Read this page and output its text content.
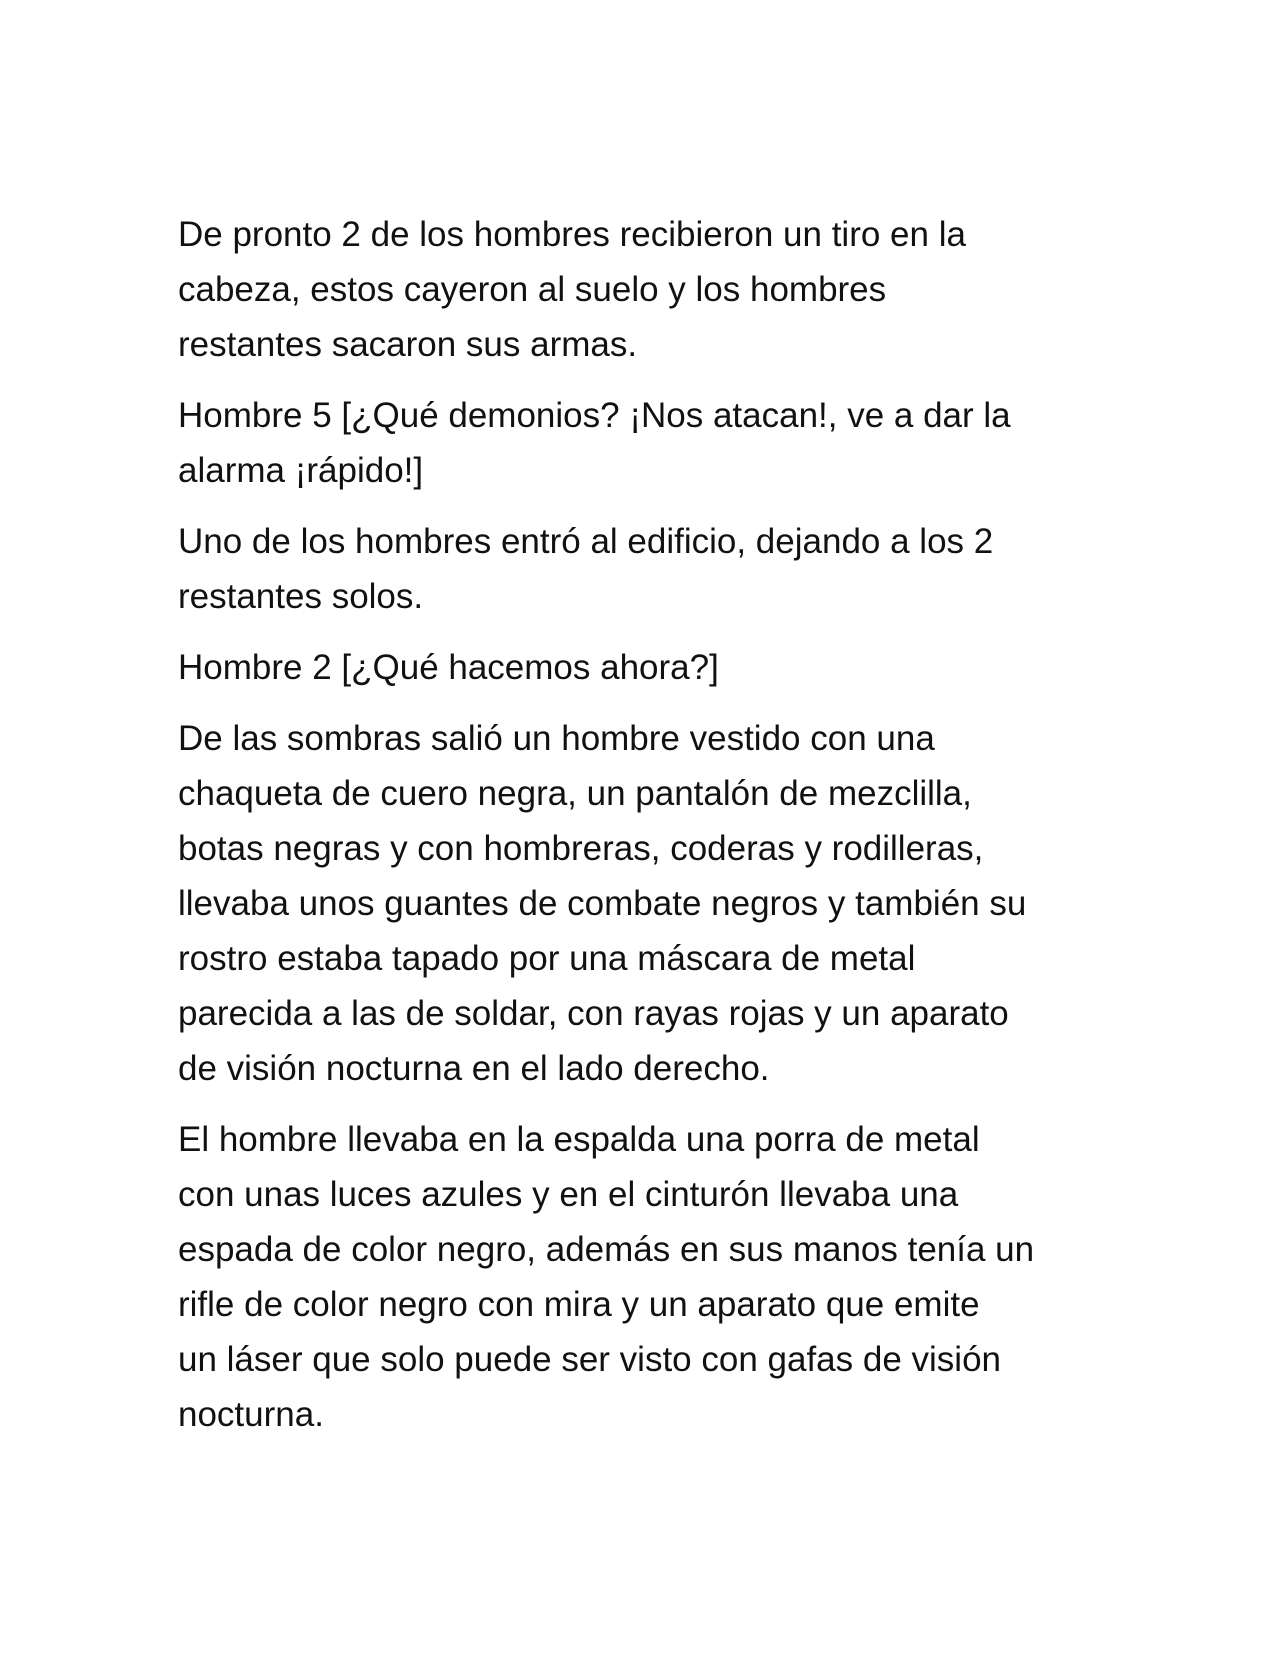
De pronto 2 de los hombres recibieron un tiro en la
cabeza, estos cayeron al suelo y los hombres
restantes sacaron sus armas.

Hombre 5 [¿Qué demonios? ¡Nos atacan!, ve a dar la
alarma ¡rápido!]

Uno de los hombres entró al edificio, dejando a los 2
restantes solos.

Hombre 2 [¿Qué hacemos ahora?]

De las sombras salió un hombre vestido con una
chaqueta de cuero negra, un pantalón de mezclilla,
botas negras y con hombreras, coderas y rodilleras,
llevaba unos guantes de combate negros y también su
rostro estaba tapado por una máscara de metal
parecida a las de soldar, con rayas rojas y un aparato
de visión nocturna en el lado derecho.

El hombre llevaba en la espalda una porra de metal
con unas luces azules y en el cinturón llevaba una
espada de color negro, además en sus manos tenía un
rifle de color negro con mira y un aparato que emite
un láser que solo puede ser visto con gafas de visión
nocturna.
